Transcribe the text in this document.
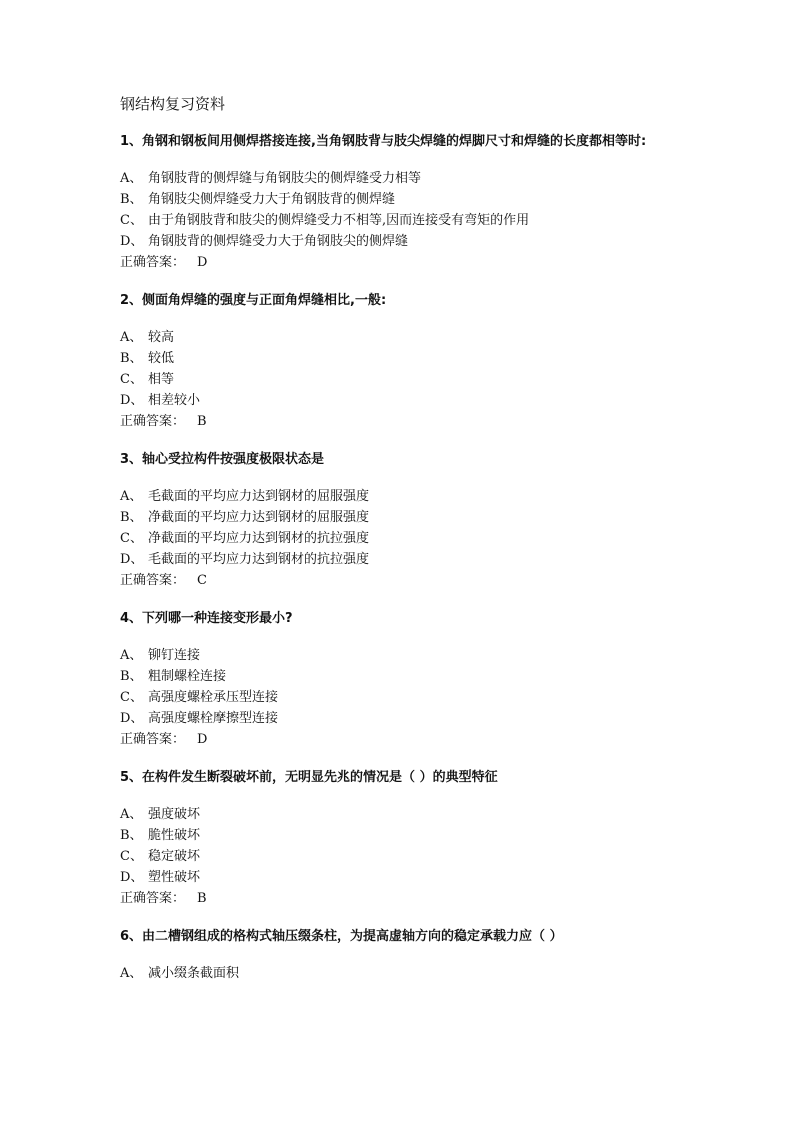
钢结构复习资料
1、角钢和钢板间用侧焊搭接连接,当角钢肢背与肢尖焊缝的焊脚尺寸和焊缝的长度都相等时:
A、 角钢肢背的侧焊缝与角钢肢尖的侧焊缝受力相等
B、 角钢肢尖侧焊缝受力大于角钢肢背的侧焊缝
C、 由于角钢肢背和肢尖的侧焊缝受力不相等,因而连接受有弯矩的作用
D、 角钢肢背的侧焊缝受力大于角钢肢尖的侧焊缝
正确答案： D
2、侧面角焊缝的强度与正面角焊缝相比,一般:
A、 较高
B、 较低
C、 相等
D、 相差较小
正确答案： B
3、轴心受拉构件按强度极限状态是
A、 毛截面的平均应力达到钢材的屈服强度
B、 净截面的平均应力达到钢材的屈服强度
C、 净截面的平均应力达到钢材的抗拉强度
D、 毛截面的平均应力达到钢材的抗拉强度
正确答案： C
4、下列哪一种连接变形最小?
A、 铆钉连接
B、 粗制螺栓连接
C、 高强度螺栓承压型连接
D、 高强度螺栓摩擦型连接
正确答案： D
5、在构件发生断裂破坏前，无明显先兆的情况是（ ）的典型特征
A、 强度破坏
B、 脆性破坏
C、 稳定破坏
D、 塑性破坏
正确答案： B
6、由二槽钢组成的格构式轴压缀条柱，为提高虚轴方向的稳定承载力应（ ）
A、 减小缀条截面积
